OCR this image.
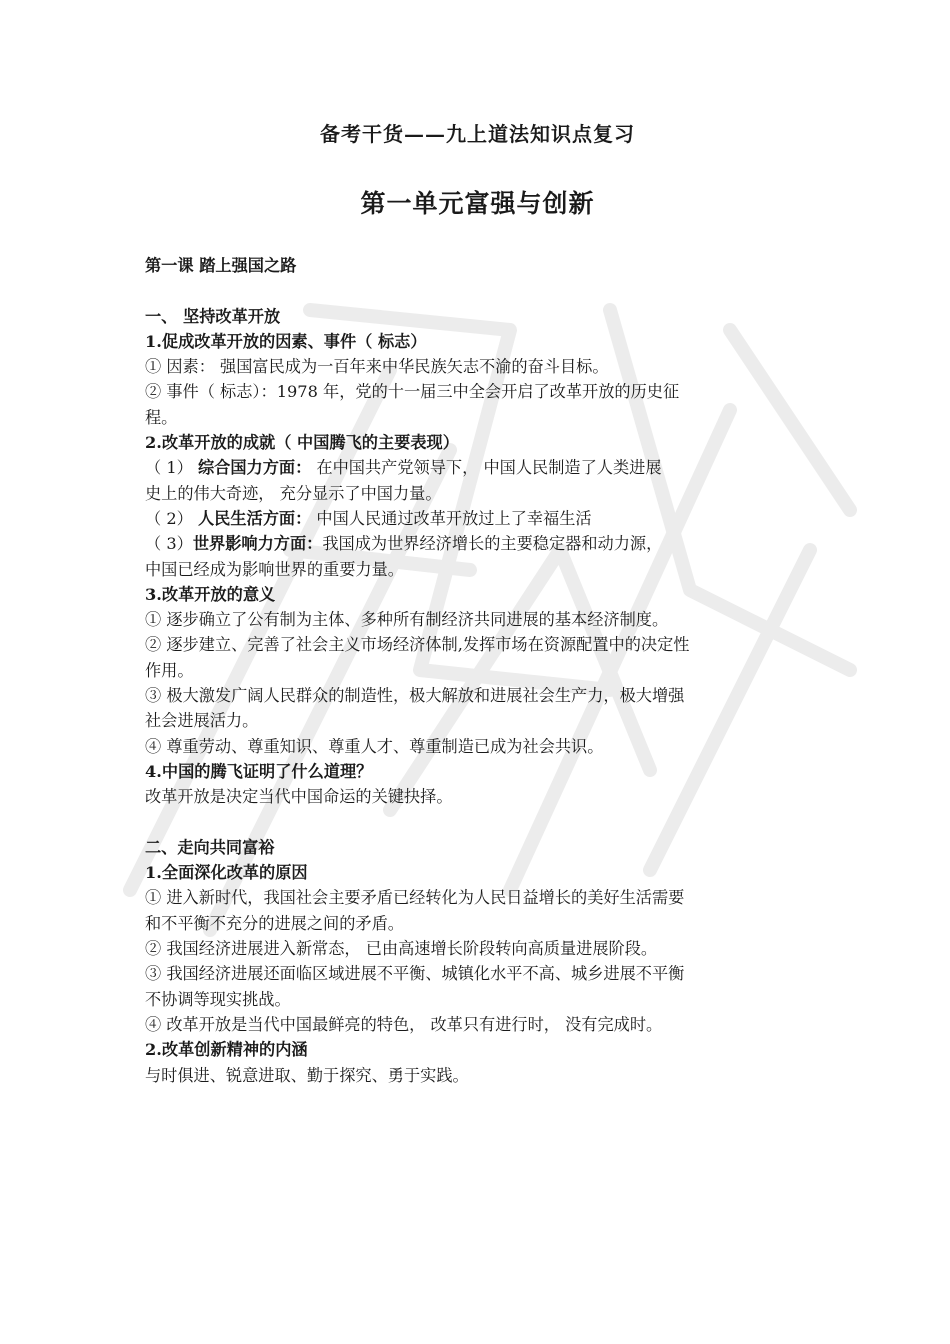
备考干货——九上道法知识点复习
第一单元富强与创新
第一课 踏上强国之路
一、 坚持改革开放
1.促成改革开放的因素、事件（ 标志）
① 因素： 强国富民成为一百年来中华民族矢志不渝的奋斗目标。
② 事件（ 标志）：1978 年，党的十一届三中全会开启了改革开放的历史征
程。
2.改革开放的成就（ 中国腾飞的主要表现）
（ 1） 综合国力方面： 在中国共产党领导下， 中国人民制造了人类进展
史上的伟大奇迹， 充分显示了中国力量。
（ 2） 人民生活方面： 中国人民通过改革开放过上了幸福生活
（ 3）世界影响力方面：我国成为世界经济增长的主要稳定器和动力源，
中国已经成为影响世界的重要力量。
3.改革开放的意义
① 逐步确立了公有制为主体、多种所有制经济共同进展的基本经济制度。
② 逐步建立、完善了社会主义市场经济体制,发挥市场在资源配置中的决定性
作用。
③ 极大激发广阔人民群众的制造性，极大解放和进展社会生产力，极大增强
社会进展活力。
④ 尊重劳动、尊重知识、尊重人才、尊重制造已成为社会共识。
4.中国的腾飞证明了什么道理？
改革开放是决定当代中国命运的关键抉择。
二、走向共同富裕
1.全面深化改革的原因
① 进入新时代，我国社会主要矛盾已经转化为人民日益增长的美好生活需要
和不平衡不充分的进展之间的矛盾。
② 我国经济进展进入新常态， 已由高速增长阶段转向高质量进展阶段。
③ 我国经济进展还面临区域进展不平衡、城镇化水平不高、城乡进展不平衡
不协调等现实挑战。
④ 改革开放是当代中国最鲜亮的特色， 改革只有进行时， 没有完成时。
2.改革创新精神的内涵
与时俱进、锐意进取、勤于探究、勇于实践。
